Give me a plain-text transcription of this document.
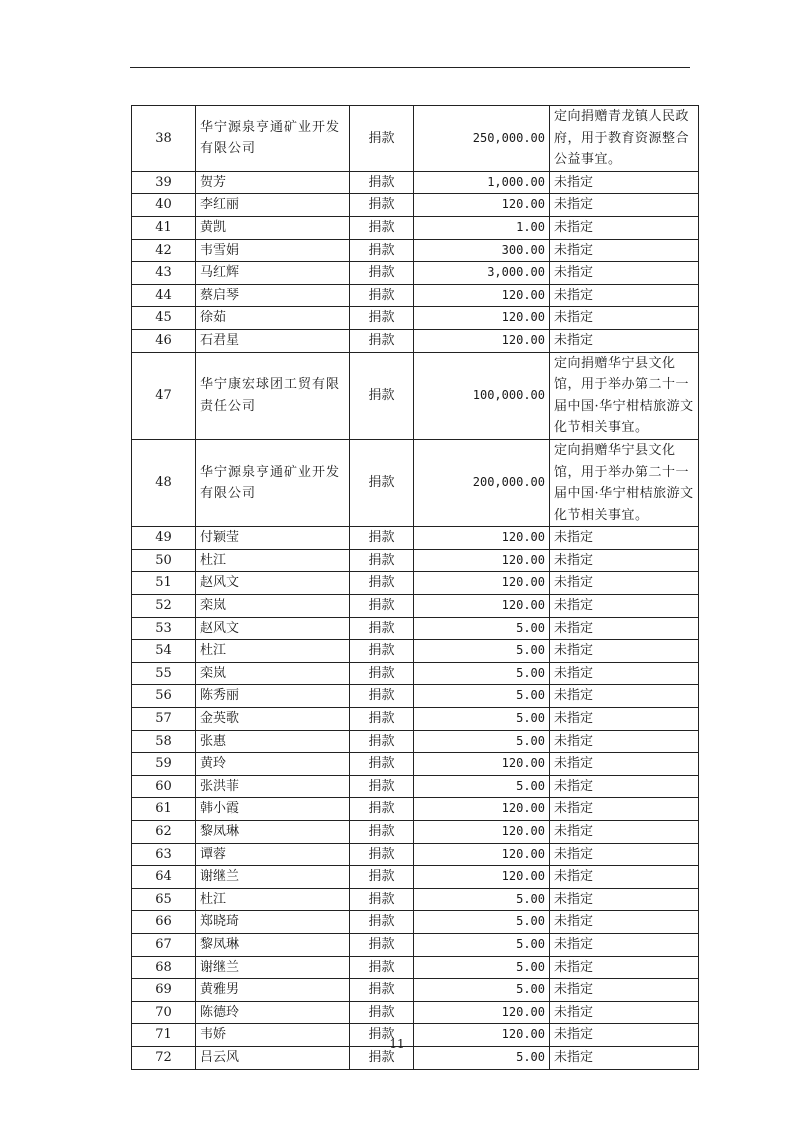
38	华宁源泉亨通矿业开发有限公司	捐款	250,000.00	定向捐赠青龙镇人民政府，用于教育资源整合公益事宜。
39	贺芳	捐款	1,000.00	未指定
40	李红丽	捐款	120.00	未指定
41	黄凯	捐款	1.00	未指定
42	韦雪娟	捐款	300.00	未指定
43	马红辉	捐款	3,000.00	未指定
44	蔡启琴	捐款	120.00	未指定
45	徐茹	捐款	120.00	未指定
46	石君星	捐款	120.00	未指定
47	华宁康宏球团工贸有限责任公司	捐款	100,000.00	定向捐赠华宁县文化馆，用于举办第二十一届中国·华宁柑桔旅游文化节相关事宜。
48	华宁源泉亨通矿业开发有限公司	捐款	200,000.00	定向捐赠华宁县文化馆，用于举办第二十一届中国·华宁柑桔旅游文化节相关事宜。
49	付颖莹	捐款	120.00	未指定
50	杜江	捐款	120.00	未指定
51	赵风文	捐款	120.00	未指定
52	栾岚	捐款	120.00	未指定
53	赵风文	捐款	5.00	未指定
54	杜江	捐款	5.00	未指定
55	栾岚	捐款	5.00	未指定
56	陈秀丽	捐款	5.00	未指定
57	金英歌	捐款	5.00	未指定
58	张惠	捐款	5.00	未指定
59	黄玲	捐款	120.00	未指定
60	张洪菲	捐款	5.00	未指定
61	韩小霞	捐款	120.00	未指定
62	黎凤琳	捐款	120.00	未指定
63	谭蓉	捐款	120.00	未指定
64	谢继兰	捐款	120.00	未指定
65	杜江	捐款	5.00	未指定
66	郑晓琦	捐款	5.00	未指定
67	黎凤琳	捐款	5.00	未指定
68	谢继兰	捐款	5.00	未指定
69	黄雅男	捐款	5.00	未指定
70	陈德玲	捐款	120.00	未指定
71	韦娇	捐款	120.00	未指定
72	吕云风	捐款	5.00	未指定
11
